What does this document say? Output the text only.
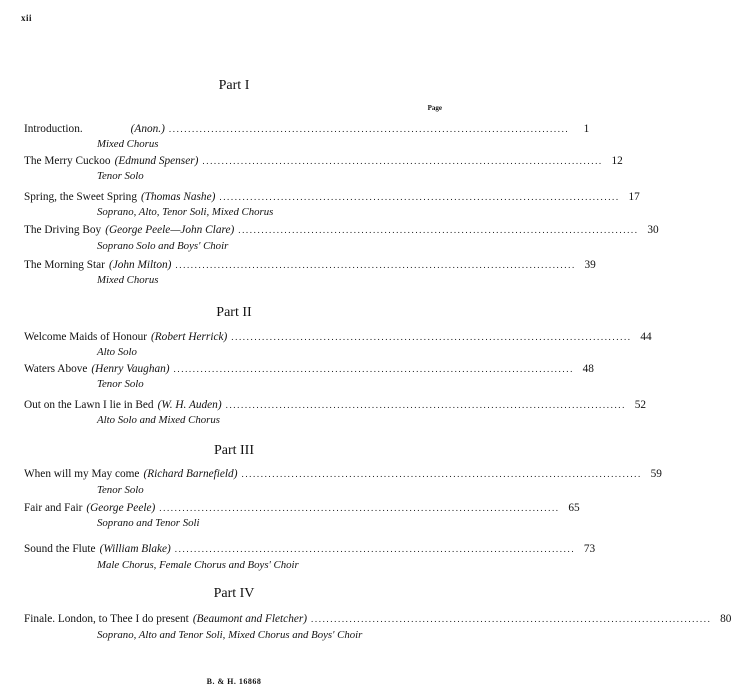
xii
Part I
Page
Introduction.	(Anon.) ........................................................................................................	1
Mixed Chorus
The Merry Cuckoo (Edmund Spenser) ........................................................................................................ 12
Tenor Solo
Spring, the Sweet Spring (Thomas Nashe) ........................................................................................................ 17
Soprano, Alto, Tenor Soli, Mixed Chorus
The Driving Boy (George Peele—John Clare) ........................................................................................................ 30
Soprano Solo and Boys' Choir
The Morning Star (John Milton) ........................................................................................................ 39
Mixed Chorus
Part II
Welcome Maids of Honour (Robert Herrick) ........................................................................................................ 44
Alto Solo
Waters Above (Henry Vaughan) ........................................................................................................ 48
Tenor Solo
Out on the Lawn I lie in Bed (W. H. Auden) ........................................................................................................ 52
Alto Solo and Mixed Chorus
Part III
When will my May come (Richard Barnefield) ........................................................................................................ 59
Tenor Solo
Fair and Fair (George Peele) ........................................................................................................ 65
Soprano and Tenor Soli
Sound the Flute (William Blake) ........................................................................................................ 73
Male Chorus, Female Chorus and Boys' Choir
Part IV
Finale. London, to Thee I do present (Beaumont and Fletcher) ........................................................................................................ 80
Soprano, Alto and Tenor Soli, Mixed Chorus and Boys' Choir
B. & H. 16868
